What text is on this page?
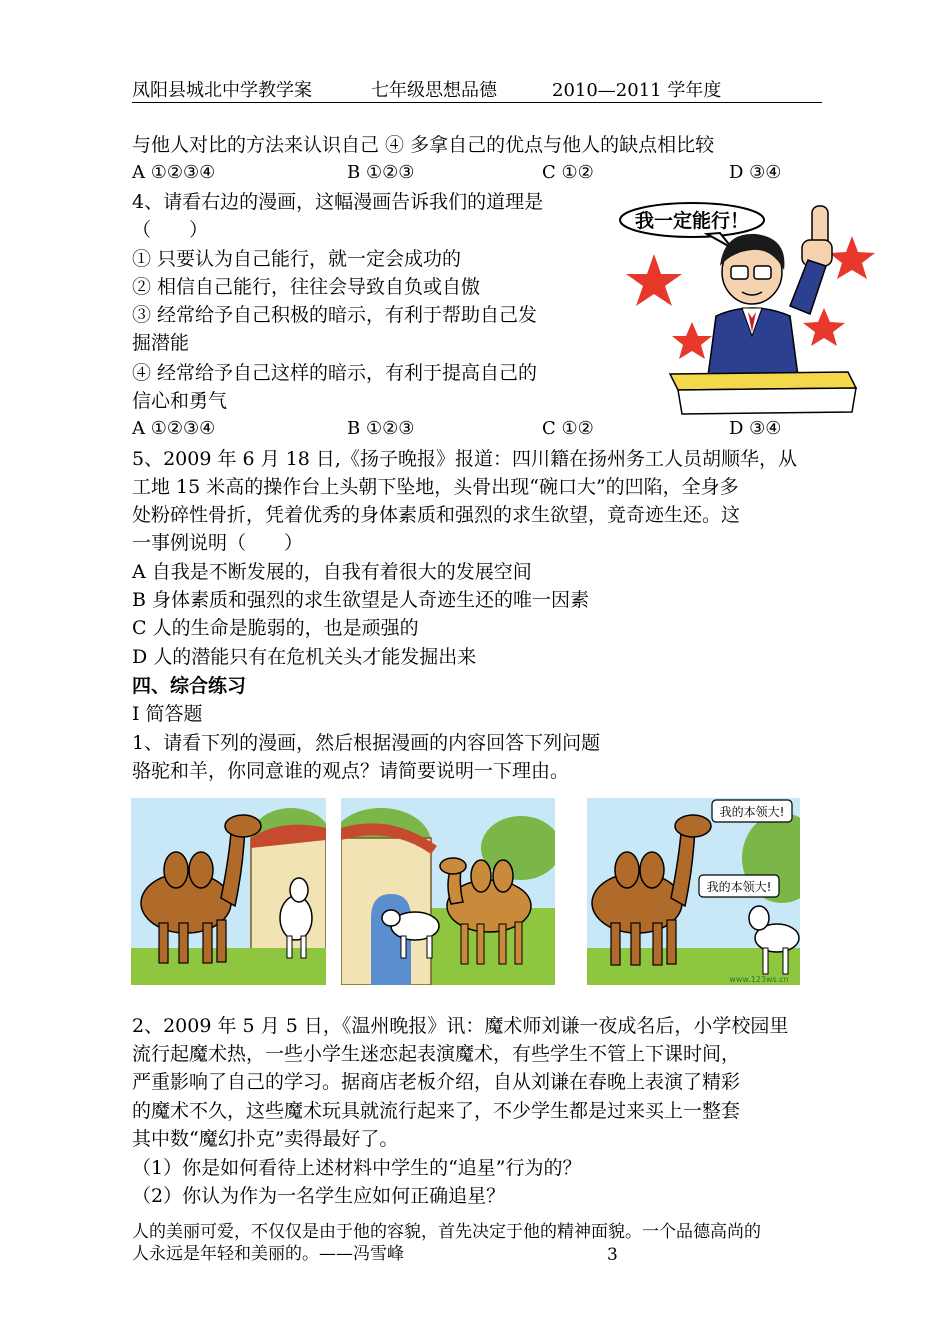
凤阳县城北中学教学案	七年级思想品德	2010—2011 学年度
与他人对比的方法来认识自己 ④ 多拿自己的优点与他人的缺点相比较
A ①②③④	B ①②③	C ①②	D ③④
4、请看右边的漫画，这幅漫画告诉我们的道理是
（　　）
① 只要认为自己能行，就一定会成功的
② 相信自己能行，往往会导致自负或自傲
③ 经常给予自己积极的暗示，有利于帮助自己发
掘潜能
④ 经常给予自己这样的暗示，有利于提高自己的
信心和勇气
A ①②③④	B ①②③	C ①②	D ③④
我一定能行！
5、2009 年 6 月 18 日,《扬子晚报》报道：四川籍在扬州务工人员胡顺华，从
工地 15 米高的操作台上头朝下坠地，头骨出现“碗口大”的凹陷，全身多
处粉碎性骨折，凭着优秀的身体素质和强烈的求生欲望，竟奇迹生还。这
一事例说明（　　）
A 自我是不断发展的，自我有着很大的发展空间
B 身体素质和强烈的求生欲望是人奇迹生还的唯一因素
C 人的生命是脆弱的，也是顽强的
D 人的潜能只有在危机关头才能发掘出来
四、综合练习
Ⅰ 简答题
1、请看下列的漫画，然后根据漫画的内容回答下列问题
骆驼和羊，你同意谁的观点？请简要说明一下理由。
我的本领大!
我的本领大!
www.123ws.cn
2、2009 年 5 月 5 日，《温州晚报》讯：魔术师刘谦一夜成名后，小学校园里
流行起魔术热，一些小学生迷恋起表演魔术，有些学生不管上下课时间，
严重影响了自己的学习。据商店老板介绍，自从刘谦在春晚上表演了精彩
的魔术不久，这些魔术玩具就流行起来了，不少学生都是过来买上一整套
其中数“魔幻扑克”卖得最好了。
（1）你是如何看待上述材料中学生的“追星”行为的？
（2）你认为作为一名学生应如何正确追星？
人的美丽可爱，不仅仅是由于他的容貌，首先决定于他的精神面貌。一个品德高尚的
人永远是年轻和美丽的。——冯雪峰	3
